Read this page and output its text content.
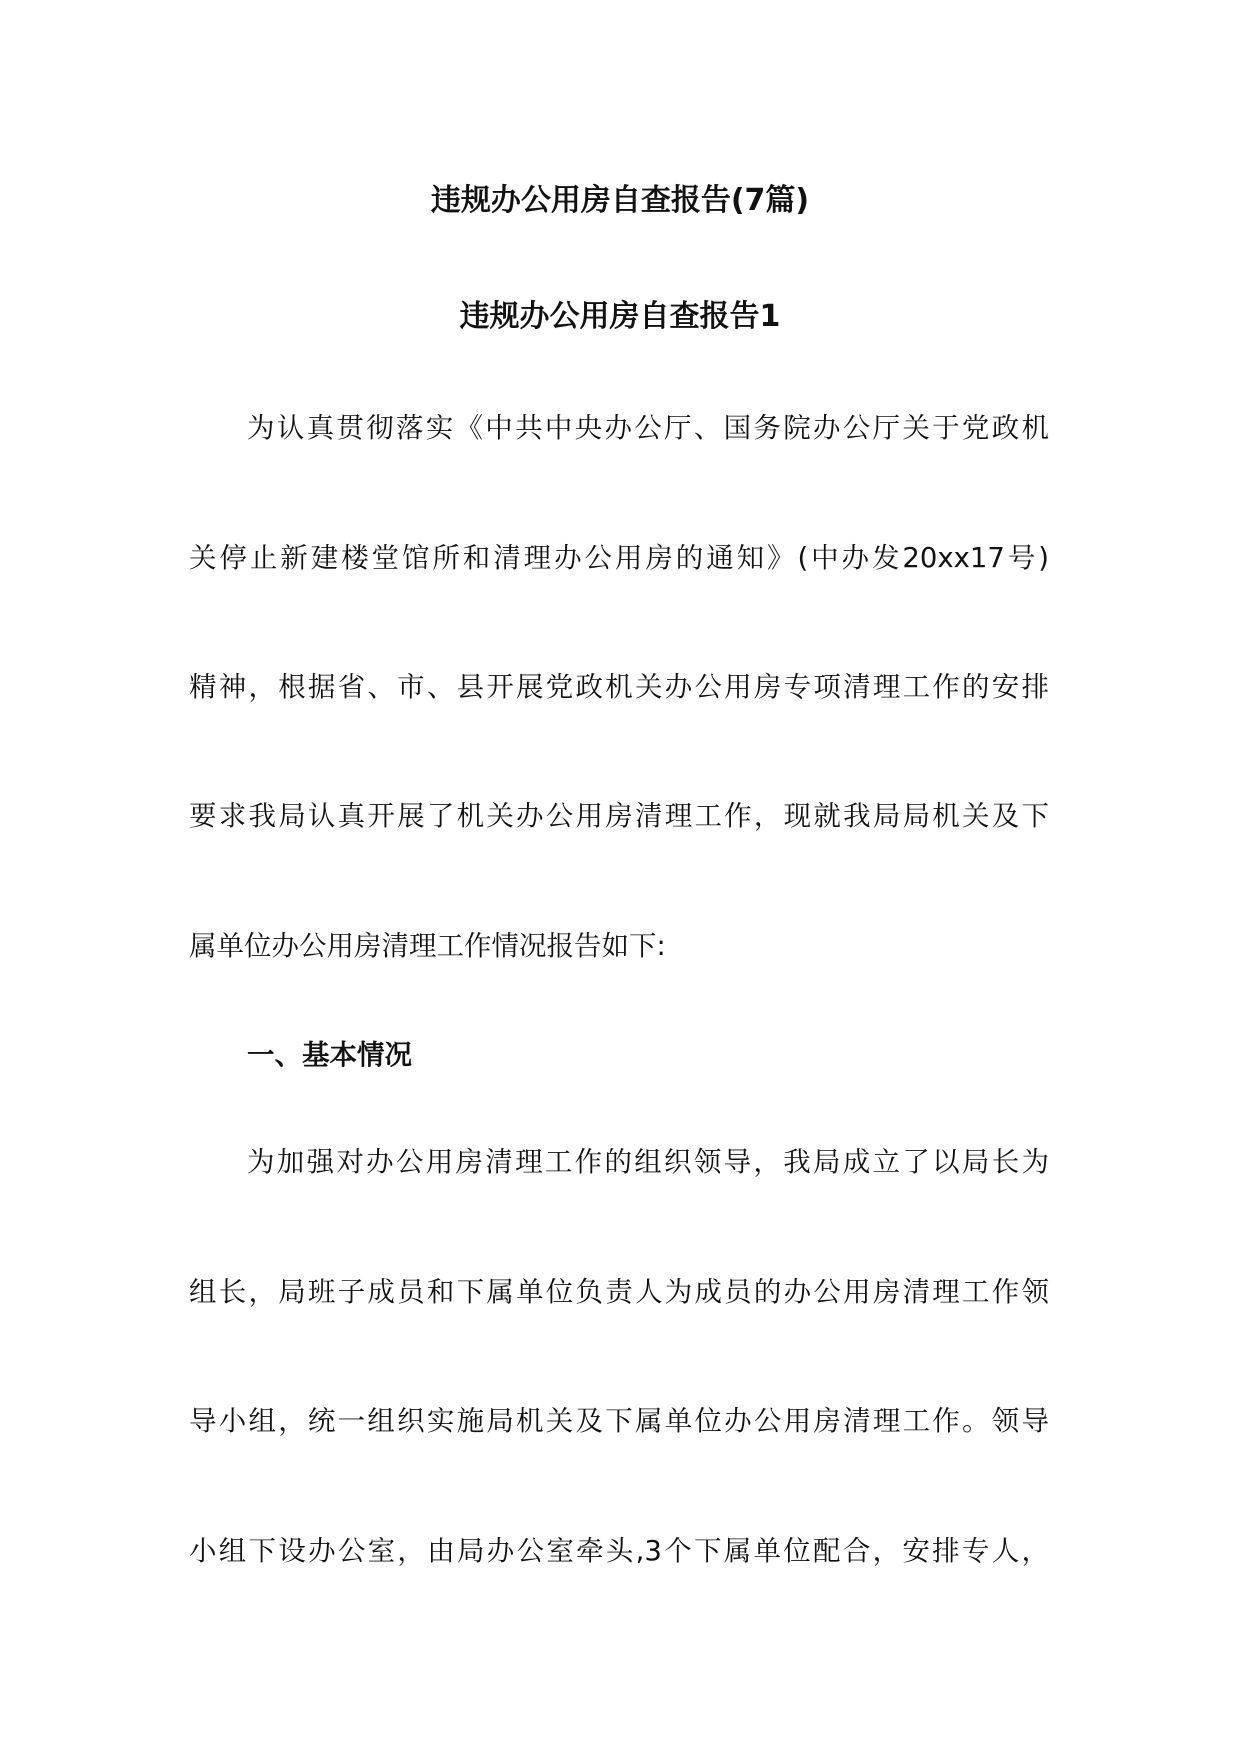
违规办公用房自查报告(7篇)
违规办公用房自查报告1
为认真贯彻落实《中共中央办公厅、国务院办公厅关于党政机
关停止新建楼堂馆所和清理办公用房的通知》(中办发20xx17号)
精神，根据省、市、县开展党政机关办公用房专项清理工作的安排
要求我局认真开展了机关办公用房清理工作，现就我局局机关及下
属单位办公用房清理工作情况报告如下:
一、基本情况
为加强对办公用房清理工作的组织领导，我局成立了以局长为
组长，局班子成员和下属单位负责人为成员的办公用房清理工作领
导小组，统一组织实施局机关及下属单位办公用房清理工作。领导
小组下设办公室，由局办公室牵头,3个下属单位配合，安排专人，
